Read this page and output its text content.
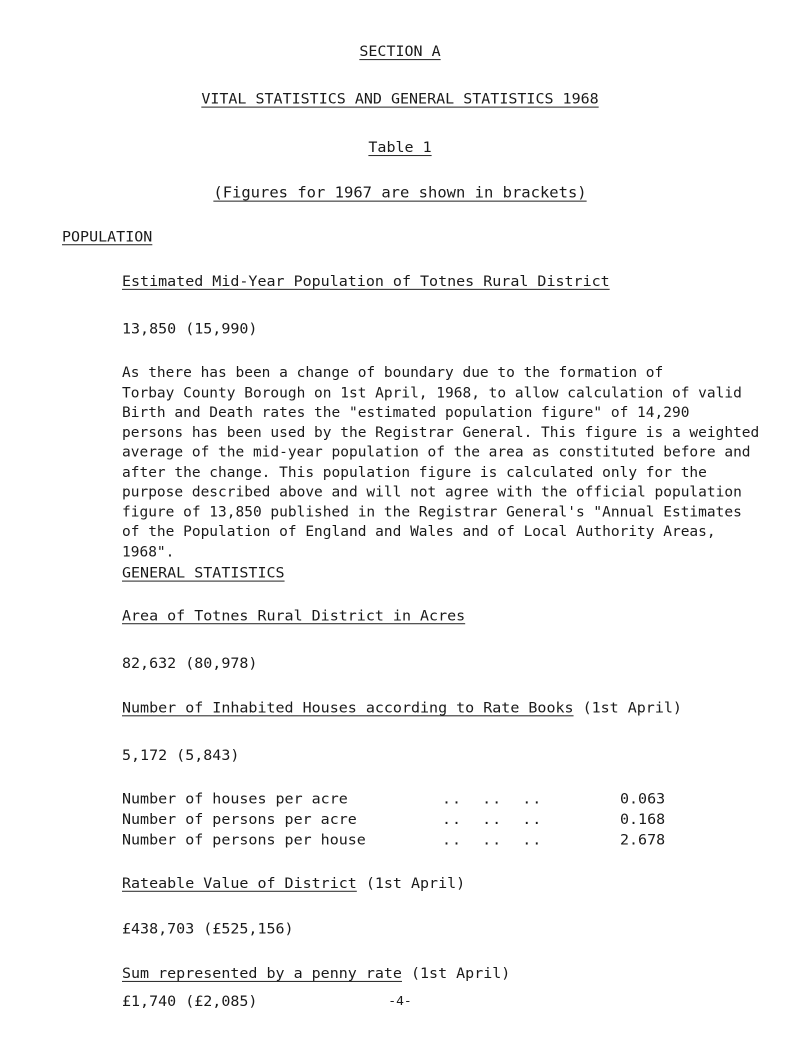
SECTION A
VITAL STATISTICS AND GENERAL STATISTICS 1968
Table 1
(Figures for 1967 are shown in brackets)
POPULATION
Estimated Mid-Year Population of Totnes Rural District
13,850 (15,990)
As there has been a change of boundary due to the formation of
Torbay County Borough on 1st April, 1968, to allow calculation of valid
Birth and Death rates the "estimated population figure" of 14,290
persons has been used by the Registrar General. This figure is a weighted
average of the mid-year population of the area as constituted before and
after the change. This population figure is calculated only for the
purpose described above and will not agree with the official population
figure of 13,850 published in the Registrar General's "Annual Estimates
of the Population of England and Wales and of Local Authority Areas,
1968".
GENERAL STATISTICS
Area of Totnes Rural District in Acres
82,632 (80,978)
Number of Inhabited Houses according to Rate Books (1st April)
5,172 (5,843)
Number of houses per acre	..  ..  ..	0.063
Number of persons per acre	..  ..  ..	0.168
Number of persons per house	..  ..  ..	2.678
Rateable Value of District (1st April)
£438,703 (£525,156)
Sum represented by a penny rate (1st April)
£1,740 (£2,085)	-4-
